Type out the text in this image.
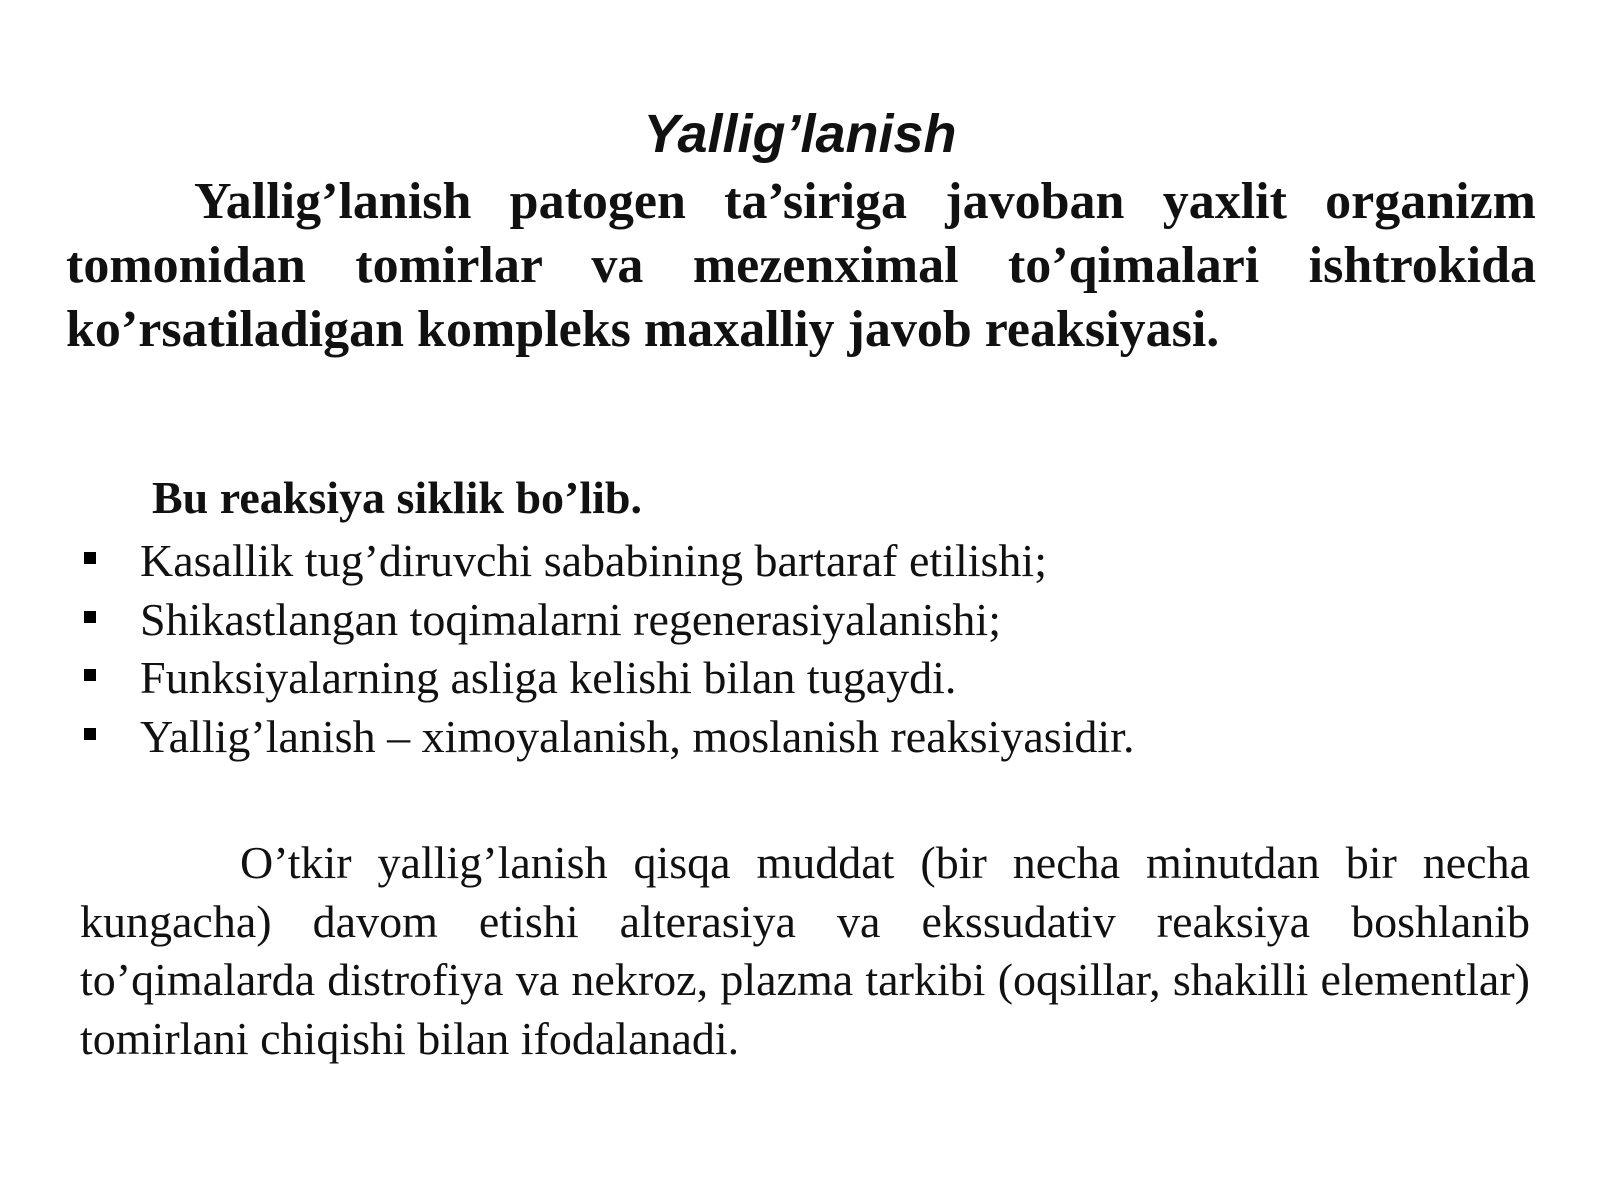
Yallig’lanish

Yallig’lanish patogen ta’siriga javoban yaxlit organizm tomonidan tomirlar va mezenximal to’qimalari ishtrokida ko’rsatiladigan kompleks maxalliy javob reaksiyasi.

Bu reaksiya siklik bo’lib.

Kasallik tug’diruvchi sababining bartaraf etilishi;
Shikastlangan toqimalarni regenerasiyalanishi;
Funksiyalarning asliga kelishi bilan tugaydi.
Yallig’lanish – ximoyalanish, moslanish reaksiyasidir.

O’tkir yallig’lanish qisqa muddat (bir necha minutdan bir necha kungacha) davom etishi alterasiya va ekssudativ reaksiya boshlanib to’qimalarda distrofiya va nekroz, plazma tarkibi (oqsillar, shakilli elementlar) tomirlani chiqishi bilan ifodalanadi.
